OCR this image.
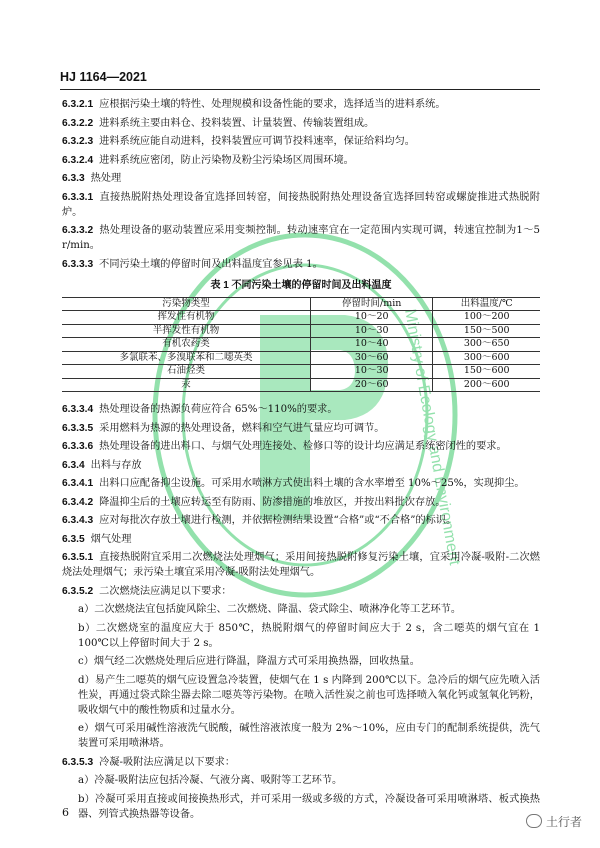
HJ 1164—2021
Ministry of Ecology and Environment

6.3.2.1 应根据污染土壤的特性、处理规模和设备性能的要求，选择适当的进料系统。

6.3.2.2 进料系统主要由料仓、投料装置、计量装置、传输装置组成。

6.3.2.3 进料系统应能自动进料，投料装置应可调节投料速率，保证给料均匀。

6.3.2.4 进料系统应密闭，防止污染物及粉尘污染场区周围环境。

6.3.3 热处理

6.3.3.1 直接热脱附热处理设备宜选择回转窑，间接热脱附热处理设备宜选择回转窑或螺旋推进式热脱附炉。

6.3.3.2 热处理设备的驱动装置应采用变频控制。转动速率宜在一定范围内实现可调，转速宜控制为1～5 r/min。

6.3.3.3 不同污染土壤的停留时间及出料温度宜参见表 1。

表 1 不同污染土壤的停留时间及出料温度
污染物类型	停留时间/min	出料温度/℃
挥发性有机物	10～20	100～200
半挥发性有机物	10～30	150～500
有机农药类	10～40	300～650
多氯联苯、多溴联苯和二噁英类	30～60	300～600
石油烃类	10～30	150～600
汞	20～60	200～600

6.3.3.4 热处理设备的热源负荷应符合 65%～110%的要求。

6.3.3.5 采用燃料为热源的热处理设备，燃料和空气进气量应均可调节。

6.3.3.6 热处理设备的进出料口、与烟气处理连接处、检修口等的设计均应满足系统密闭性的要求。

6.3.4 出料与存放

6.3.4.1 出料口应配备抑尘设施。可采用水喷淋方式使出料土壤的含水率增至 10%～25%，实现抑尘。

6.3.4.2 降温抑尘后的土壤应转运至有防雨、防渗措施的堆放区，并按出料批次存放。

6.3.4.3 应对每批次存放土壤进行检测，并依据检测结果设置“合格”或“不合格”的标识。

6.3.5 烟气处理

6.3.5.1 直接热脱附宜采用二次燃烧法处理烟气；采用间接热脱附修复污染土壤，宜采用冷凝-吸附-二次燃烧法处理烟气；汞污染土壤宜采用冷凝-吸附法处理烟气。

6.3.5.2 二次燃烧法应满足以下要求：

a）二次燃烧法宜包括旋风除尘、二次燃烧、降温、袋式除尘、喷淋净化等工艺环节。

b）二次燃烧室的温度应大于 850℃，热脱附烟气的停留时间应大于 2 s，含二噁英的烟气宜在 1 100℃以上停留时间大于 2 s。

c）烟气经二次燃烧处理后应进行降温，降温方式可采用换热器，回收热量。

d）易产生二噁英的烟气应设置急冷装置，使烟气在 1 s 内降到 200℃以下。急冷后的烟气应先喷入活性炭，再通过袋式除尘器去除二噁英等污染物。在喷入活性炭之前也可选择喷入氧化钙或氢氧化钙粉，吸收烟气中的酸性物质和过量水分。

e）烟气可采用碱性溶液洗气脱酸，碱性溶液浓度一般为 2%～10%，应由专门的配制系统提供，洗气装置可采用喷淋塔。

6.3.5.3 冷凝-吸附法应满足以下要求：

a）冷凝-吸附法应包括冷凝、气液分离、吸附等工艺环节。

b）冷凝可采用直接或间接换热形式，并可采用一级或多级的方式，冷凝设备可采用喷淋塔、板式换热器、列管式换热器等设备。

6
土行者
